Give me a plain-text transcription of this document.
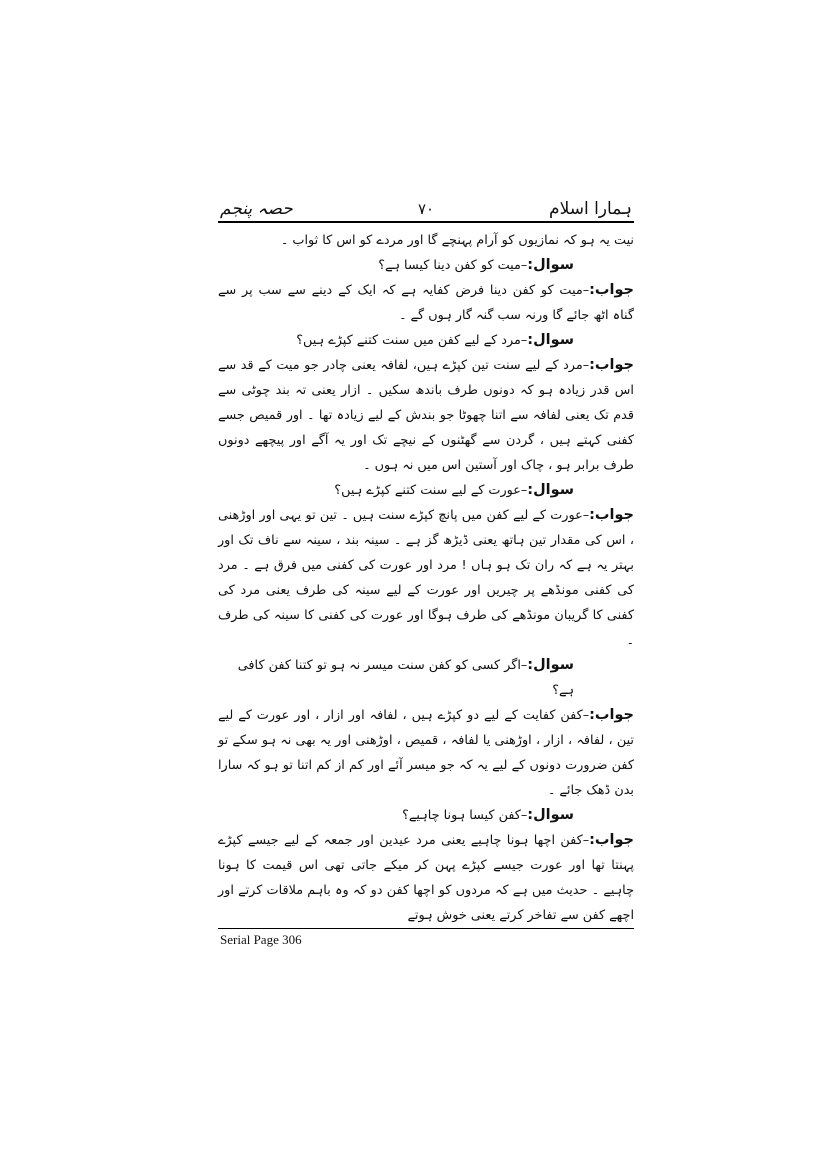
ہمارا اسلام
۷۰
حصہ پنجم

نیت یہ ہو کہ نمازیوں کو آرام پہنچے گا اور مردے کو اس کا ثواب ۔

سوال:–میت کو کفن دینا کیسا ہے؟

جواب:–میت کو کفن دینا فرض کفایہ ہے کہ ایک کے دینے سے سب پر سے گناہ اٹھ جائے گا ورنہ سب گنہ گار ہوں گے ۔

سوال:–مرد کے لیے کفن میں سنت کتنے کپڑے ہیں؟

جواب:–مرد کے لیے سنت تین کپڑے ہیں، لفافہ یعنی چادر جو میت کے قد سے اس قدر زیادہ ہو کہ دونوں طرف باندھ سکیں ۔ ازار یعنی تہ بند چوٹی سے قدم تک یعنی لفافہ سے اتنا چھوٹا جو بندش کے لیے زیادہ تھا ۔ اور قمیص جسے کفنی کہتے ہیں ، گردن سے گھٹنوں کے نیچے تک اور یہ آگے اور پیچھے دونوں طرف برابر ہو ، چاک اور آستین اس میں نہ ہوں ۔

سوال:–عورت کے لیے سنت کتنے کپڑے ہیں؟

جواب:–عورت کے لیے کفن میں پانچ کپڑے سنت ہیں ۔ تین تو یہی اور اوڑھنی ، اس کی مقدار تین ہاتھ یعنی ڈیڑھ گز ہے ۔ سینہ بند ، سینہ سے ناف تک اور بہتر یہ ہے کہ ران تک ہو ہاں ! مرد اور عورت کی کفنی میں فرق ہے ۔ مرد کی کفنی مونڈھے پر چیریں اور عورت کے لیے سینہ کی طرف یعنی مرد کی کفنی کا گریبان مونڈھے کی طرف ہوگا اور عورت کی کفنی کا سینہ کی طرف ۔

سوال:–اگر کسی کو کفن سنت میسر نہ ہو تو کتنا کفن کافی ہے؟

جواب:–کفن کفایت کے لیے دو کپڑے ہیں ، لفافہ اور ازار ، اور عورت کے لیے تین ، لفافہ ، ازار ، اوڑھنی یا لفافہ ، قمیص ، اوڑھنی اور یہ بھی نہ ہو سکے تو کفن ضرورت دونوں کے لیے یہ کہ جو میسر آئے اور کم از کم اتنا تو ہو کہ سارا بدن ڈھک جائے ۔

سوال:–کفن کیسا ہونا چاہیے؟

جواب:–کفن اچھا ہونا چاہیے یعنی مرد عیدین اور جمعہ کے لیے جیسے کپڑے پہنتا تھا اور عورت جیسے کپڑے پہن کر میکے جاتی تھی اس قیمت کا ہونا چاہیے ۔ حدیث میں ہے کہ مردوں کو اچھا کفن دو کہ وہ باہم ملاقات کرتے اور اچھے کفن سے تفاخر کرتے یعنی خوش ہوتے

Serial Page 306
